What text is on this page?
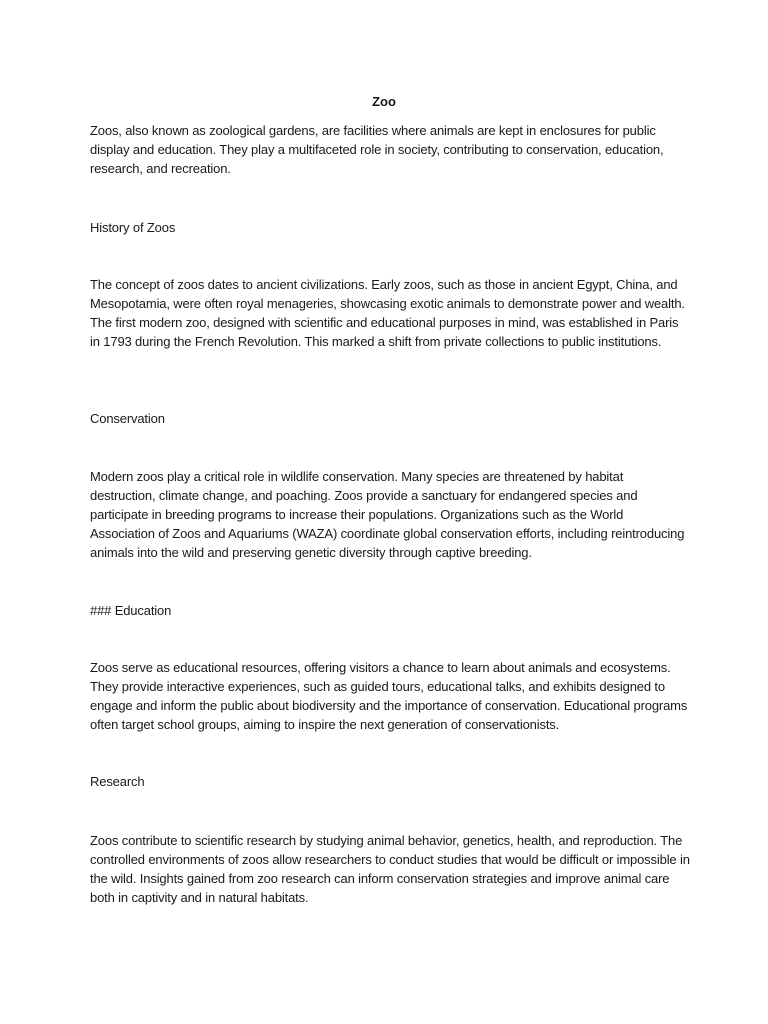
Zoo
Zoos, also known as zoological gardens, are facilities where animals are kept in enclosures for public display and education. They play a multifaceted role in society, contributing to conservation, education, research, and recreation.
History of Zoos
The concept of zoos dates to ancient civilizations. Early zoos, such as those in ancient Egypt, China, and Mesopotamia, were often royal menageries, showcasing exotic animals to demonstrate power and wealth. The first modern zoo, designed with scientific and educational purposes in mind, was established in Paris in 1793 during the French Revolution. This marked a shift from private collections to public institutions.
Conservation
Modern zoos play a critical role in wildlife conservation. Many species are threatened by habitat destruction, climate change, and poaching. Zoos provide a sanctuary for endangered species and participate in breeding programs to increase their populations. Organizations such as the World Association of Zoos and Aquariums (WAZA) coordinate global conservation efforts, including reintroducing animals into the wild and preserving genetic diversity through captive breeding.
### Education
Zoos serve as educational resources, offering visitors a chance to learn about animals and ecosystems. They provide interactive experiences, such as guided tours, educational talks, and exhibits designed to engage and inform the public about biodiversity and the importance of conservation. Educational programs often target school groups, aiming to inspire the next generation of conservationists.
Research
Zoos contribute to scientific research by studying animal behavior, genetics, health, and reproduction. The controlled environments of zoos allow researchers to conduct studies that would be difficult or impossible in the wild. Insights gained from zoo research can inform conservation strategies and improve animal care both in captivity and in natural habitats.
